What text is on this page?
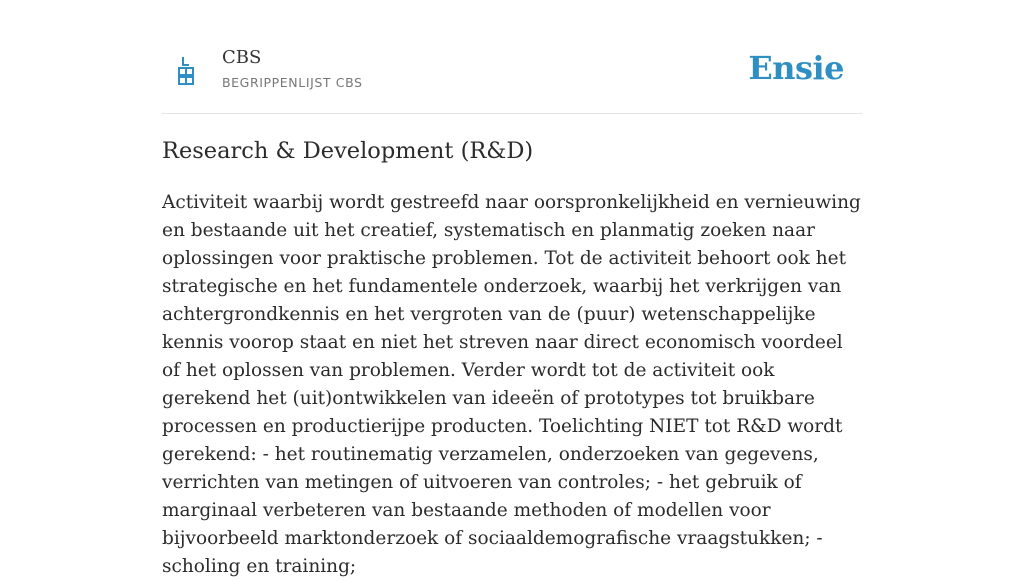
CBS
BEGRIPPENLIJST CBS	Ensie
Research & Development (R&D)

Activiteit waarbij wordt gestreefd naar oorspronkelijkheid en vernieuwing en bestaande uit het creatief, systematisch en planmatig zoeken naar oplossingen voor praktische problemen. Tot de activiteit behoort ook het strategische en het fundamentele onderzoek, waarbij het verkrijgen van achtergrondkennis en het vergroten van de (puur) wetenschappelijke kennis voorop staat en niet het streven naar direct economisch voordeel of het oplossen van problemen. Verder wordt tot de activiteit ook gerekend het (uit)ontwikkelen van ideeën of prototypes tot bruikbare processen en productierijpe producten. Toelichting NIET tot R&D wordt gerekend: - het routinematig verzamelen, onderzoeken van gegevens, verrichten van metingen of uitvoeren van controles; - het gebruik of marginaal verbeteren van bestaande methoden of modellen voor bijvoorbeeld marktonderzoek of sociaaldemografische vraagstukken; - scholing en training;
